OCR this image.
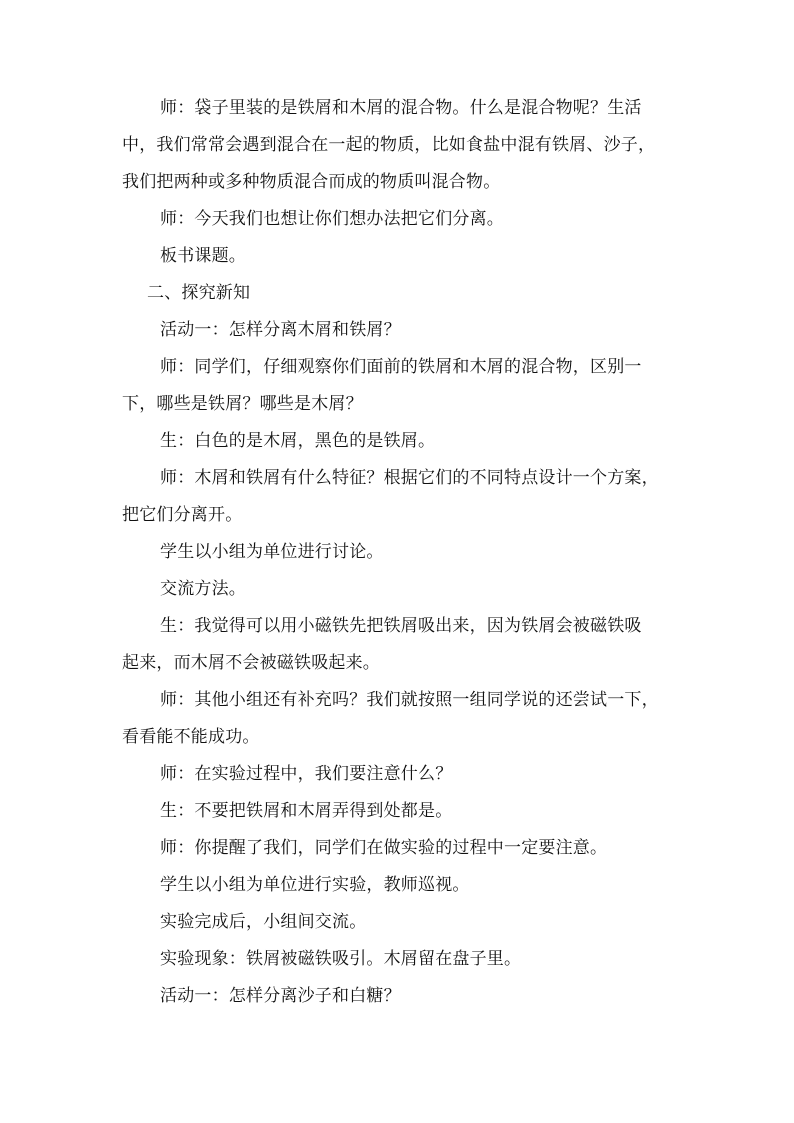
师：袋子里装的是铁屑和木屑的混合物。什么是混合物呢？生活
中，我们常常会遇到混合在一起的物质，比如食盐中混有铁屑、沙子，
我们把两种或多种物质混合而成的物质叫混合物。
师：今天我们也想让你们想办法把它们分离。
板书课题。
二、探究新知
活动一：怎样分离木屑和铁屑？
师：同学们，仔细观察你们面前的铁屑和木屑的混合物，区别一
下，哪些是铁屑？哪些是木屑？
生：白色的是木屑，黑色的是铁屑。
师：木屑和铁屑有什么特征？根据它们的不同特点设计一个方案，
把它们分离开。
学生以小组为单位进行讨论。
交流方法。
生：我觉得可以用小磁铁先把铁屑吸出来，因为铁屑会被磁铁吸
起来，而木屑不会被磁铁吸起来。
师：其他小组还有补充吗？我们就按照一组同学说的还尝试一下，
看看能不能成功。
师：在实验过程中，我们要注意什么？
生：不要把铁屑和木屑弄得到处都是。
师：你提醒了我们，同学们在做实验的过程中一定要注意。
学生以小组为单位进行实验，教师巡视。
实验完成后，小组间交流。
实验现象：铁屑被磁铁吸引。木屑留在盘子里。
活动一：怎样分离沙子和白糖？
